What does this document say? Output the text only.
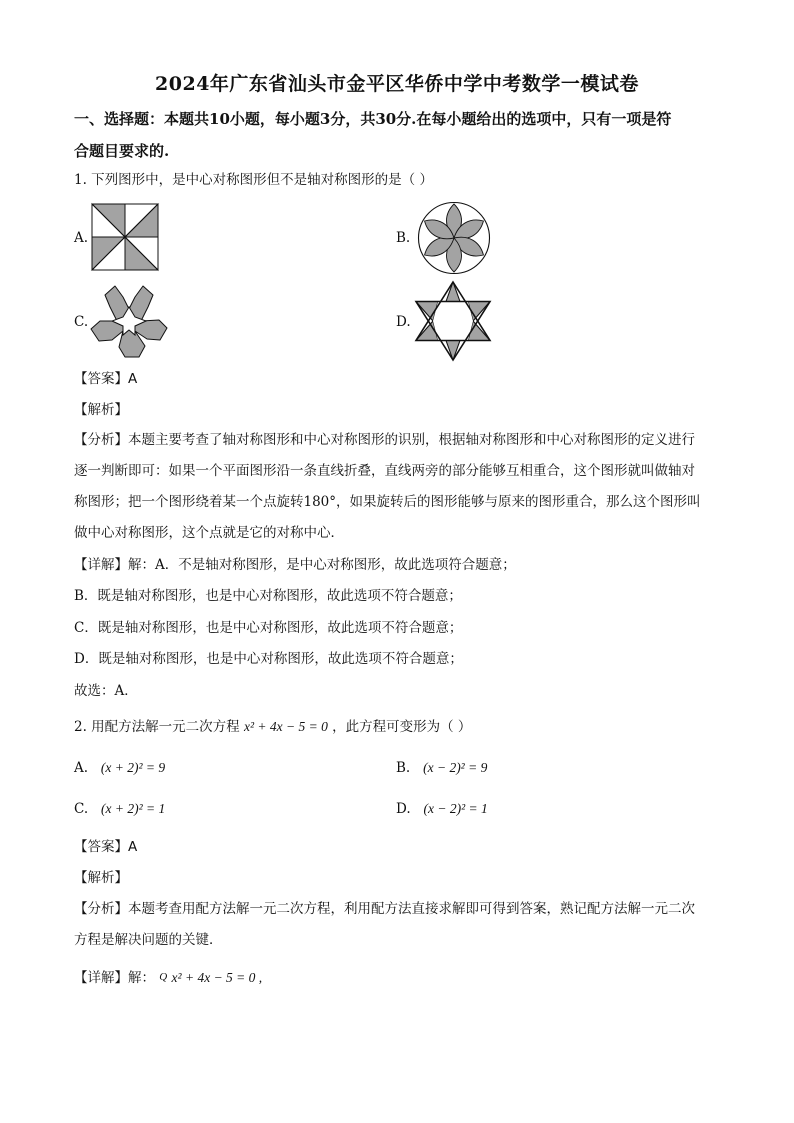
2024年广东省汕头市金平区华侨中学中考数学一模试卷
一、选择题：本题共10小题，每小题3分，共30分.在每小题给出的选项中，只有一项是符
合题目要求的.
1. 下列图形中，是中心对称图形但不是轴对称图形的是（ ）
A.	B.
C.	D.
【答案】A
【解析】
【分析】本题主要考查了轴对称图形和中心对称图形的识别，根据轴对称图形和中心对称图形的定义进行
逐一判断即可：如果一个平面图形沿一条直线折叠，直线两旁的部分能够互相重合，这个图形就叫做轴对
称图形；把一个图形绕着某一个点旋转180°，如果旋转后的图形能够与原来的图形重合，那么这个图形叫
做中心对称图形，这个点就是它的对称中心．
【详解】解：A．不是轴对称图形，是中心对称图形，故此选项符合题意；
B．既是轴对称图形，也是中心对称图形，故此选项不符合题意；
C．既是轴对称图形，也是中心对称图形，故此选项不符合题意；
D．既是轴对称图形，也是中心对称图形，故此选项不符合题意；
故选：A．
2. 用配方法解一元二次方程 x² + 4x − 5 = 0 ，此方程可变形为（ ）
A. (x + 2)² = 9	B. (x − 2)² = 9
C. (x + 2)² = 1	D. (x − 2)² = 1
【答案】A
【解析】
【分析】本题考查用配方法解一元二次方程，利用配方法直接求解即可得到答案，熟记配方法解一元二次
方程是解决问题的关键．
【详解】解： Q x² + 4x − 5 = 0 ,
